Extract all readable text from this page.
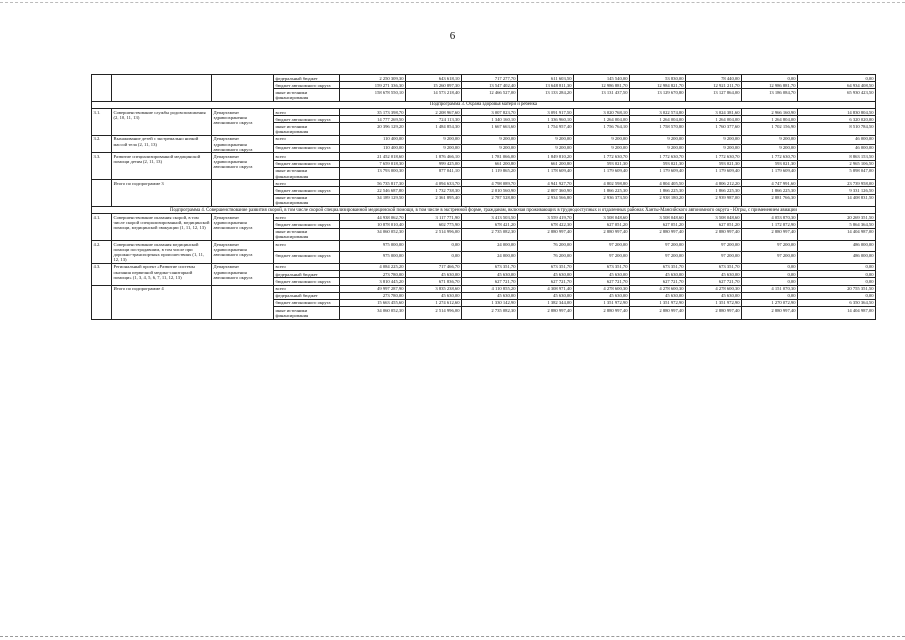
6
			федеральный бюджет	2 250 309,30	643 618,10	717 277,70	611 603,50	145 540,00	53 830,00	78 440,00	0,00	0,00
			бюджет автономного округа	159 271 336,30	15 260 897,30	13 547 402,40	13 648 811,30	12 986 881,70	12 984 821,70	12 921 211,70	12 986 881,70	64 934 408,50
			иные источники финансирования	158 678 550,10	14 573 218,40	12 466 527,00	13 133 284,20	13 131 437,50	13 129 670,80	13 127 864,00	13 186 084,70	65 930 423,50
Подпрограмма 3. Охрана здоровья матери и ребенка												
3.1.	Совершенствование службы родовспоможения (2, 10, 11, 13)	Департамент здравоохранения автономного округа	всего	35 173 398,70	2 208 967,60	3 007 823,70	3 091 917,50	3 020 768,10	3 022 574,80	3 024 381,60	2 966 160,90	14 830 804,50
			бюджет автономного округа	14 777 269,50	724 113,30	1 340 160,10	1 336 960,10	1 264 004,00	1 264 004,00	1 264 004,00	1 264 804,00	6 320 020,00
			иные источники финансирования	20 396 129,20	1 484 854,30	1 667 663,60	1 754 957,40	1 756 764,10	1 758 570,80	1 760 377,60	1 702 156,90	8 510 784,50
3.2.	Выхаживание детей с экстремально низкой массой тела (2, 11, 13)	Департамент здравоохранения автономного округа	всего	110 400,00	9 200,00	9 200,00	9 200,00	9 200,00	9 200,00	9 200,00	9 200,00	46 000,00
			бюджет автономного округа	110 400,00	9 200,00	9 200,00	9 200,00	9 200,00	9 200,00	9 200,00	9 200,00	46 000,00
3.3.	Развитие специализированной медицинской помощи детям (2, 11, 13)	Департамент здравоохранения автономного округа	всего	21 452 018,60	1 876 466,10	1 781 066,00	1 849 810,20	1 772 630,70	1 772 630,70	1 772 630,70	1 772 630,70	8 863 153,50
			бюджет автономного округа	7 659 018,30	999 425,00	661 200,80	661 200,80	593 021,30	593 021,30	593 021,30	593 021,30	2 965 106,50
			иные источники финансирования	13 793 000,30	877 041,10	1 119 865,20	1 178 609,40	1 179 609,40	1 179 609,40	1 179 609,40	1 179 609,40	5 898 047,00
	Итого по подпрограмме 3		всего	56 735 817,30	4 094 633,70	4 798 089,70	4 941 927,70	4 802 598,80	4 804 405,50	4 806 212,20	4 747 991,60	23 739 958,00
			бюджет автономного округа	22 546 687,80	1 732 738,30	2 010 560,90	2 007 360,90	1 866 225,30	1 866 225,30	1 866 225,30	1 866 225,30	9 331 126,50
			иные источники финансирования	34 189 129,50	2 361 895,40	2 787 528,80	2 934 566,80	2 936 373,50	2 938 180,20	2 939 987,00	2 881 766,30	14 408 831,50
Подпрограмма 4. Совершенствование развития скорой, в том числе скорой специализированной медицинской помощи, в том числе в экстренной форме, гражданам, включая проживающих в труднодоступных и отдаленных районах Ханты-Мансийского автономного округа - Югры, с применением авиации												
4.1.	Совершенствование оказания скорой, в том числе скорой специализированной, медицинской помощи, медицинской эвакуации (1, 11, 12, 13)	Департамент здравоохранения автономного округа	всего	44 938 062,70	3 117 771,90	3 413 503,50	3 559 419,70	3 508 048,60	3 508 048,60	3 508 048,60	4 053 870,30	20 269 351,50
			бюджет автономного округа	10 878 010,40	602 775,90	678 421,20	678 422,30	627 051,20	627 051,20	627 051,20	1 172 872,90	5 864 364,50
			иные источники финансирования	34 060 052,30	2 514 996,00	2 735 082,30	2 880 997,40	2 880 997,40	2 880 997,40	2 880 997,40	2 880 997,40	14 404 987,00
4.2.	Совершенствование оказания медицинской помощи пострадавшим, в том числе при дорожно-транспортных происшествиях (1, 11, 12, 13)	Департамент здравоохранения автономного округа	всего	975 000,00	0,00	24 000,00	76 200,00	97 200,00	97 200,00	97 200,00	97 200,00	486 000,00
			бюджет автономного округа	975 000,00	0,00	24 000,00	76 200,00	97 200,00	97 200,00	97 200,00	97 200,00	486 000,00
4.3.	Региональный проект «Развитие системы оказания первичной медико-санитарной помощи» (1, 3, 4, 5, 6, 7, 11, 12, 13)	Департамент здравоохранения автономного округа	всего	4 084 225,20	717 466,70	673 351,70	673 351,70	673 351,70	673 351,70	673 351,70	0,00	0,00
			федеральный бюджет	273 780,00	45 630,00	45 630,00	45 630,00	45 630,00	45 630,00	45 630,00	0,00	0,00
			бюджет автономного округа	3 810 445,20	671 836,70	627 721,70	627 721,70	627 721,70	627 721,70	627 721,70	0,00	0,00
	Итого по подпрограмме 4		всего	49 997 287,90	3 835 238,60	4 110 855,20	4 308 971,40	4 278 600,30	4 278 600,30	4 278 600,30	4 151 070,30	20 755 351,50
			федеральный бюджет	273 780,00	45 630,00	45 630,00	45 630,00	45 630,00	45 630,00	45 630,00	0,00	0,00
			бюджет автономного округа	15 663 455,60	1 274 612,60	1 330 142,90	1 382 344,00	1 351 972,90	1 351 972,90	1 351 972,90	1 270 072,90	6 350 364,50
			иные источники финансирования	34 060 052,30	2 514 996,00	2 735 082,30	2 880 997,40	2 880 997,40	2 880 997,40	2 880 997,40	2 880 997,40	14 404 987,00
